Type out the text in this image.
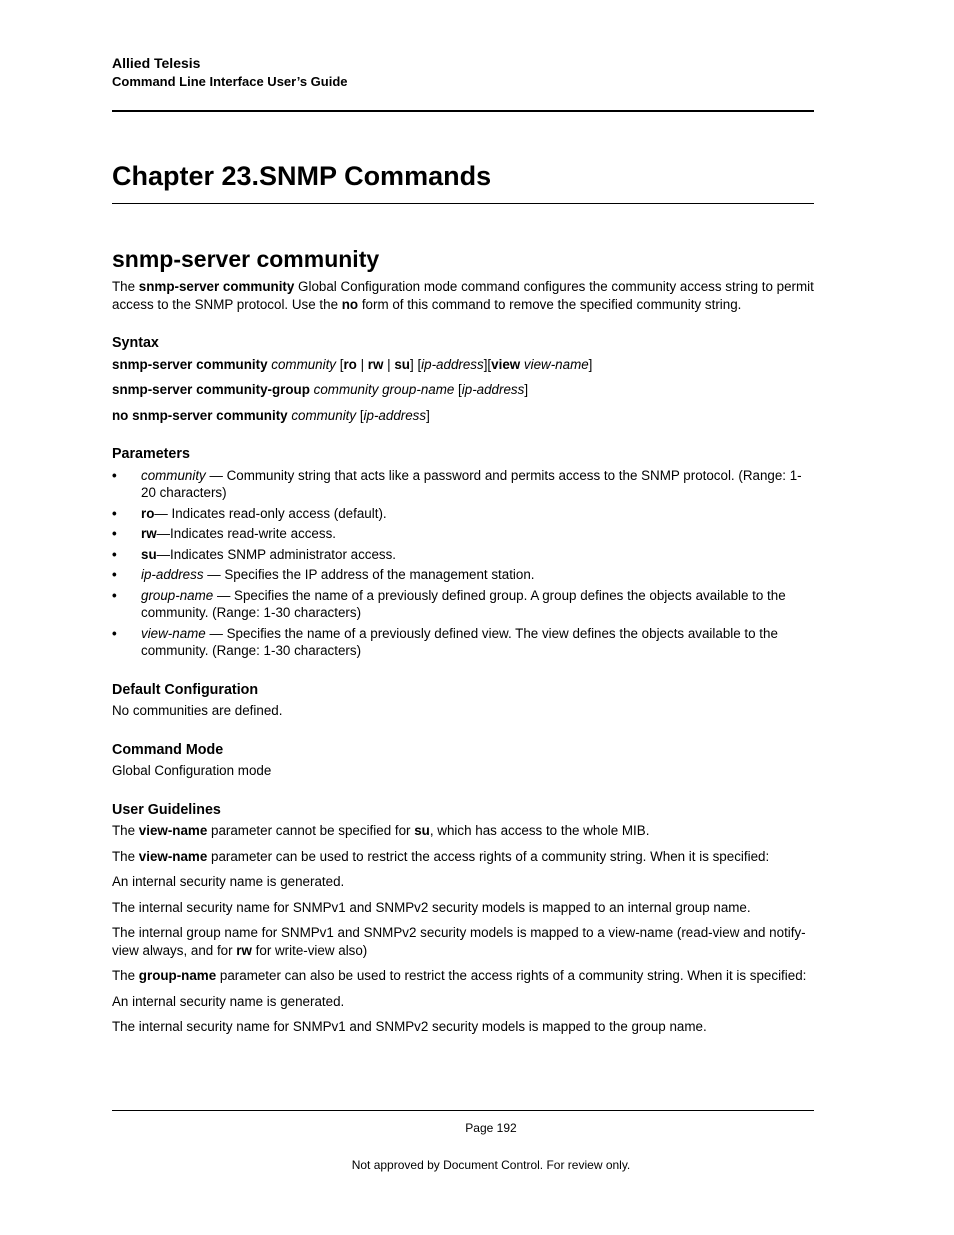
Allied Telesis
Command Line Interface User’s Guide
Chapter 23.SNMP Commands
snmp-server community

The snmp-server community Global Configuration mode command configures the community access string to permit access to the SNMP protocol. Use the no form of this command to remove the specified community string.

Syntax
snmp-server community community [ro | rw | su] [ip-address][view view-name]
snmp-server community-group community group-name [ip-address]
no snmp-server community community [ip-address]
Parameters
• community — Community string that acts like a password and permits access to the SNMP protocol. (Range: 1-20 characters)
• ro— Indicates read-only access (default).
• rw—Indicates read-write access.
• su—Indicates SNMP administrator access.
• ip-address — Specifies the IP address of the management station.
• group-name — Specifies the name of a previously defined group. A group defines the objects available to the community. (Range: 1-30 characters)
• view-name — Specifies the name of a previously defined view. The view defines the objects available to the community. (Range: 1-30 characters)
Default Configuration

No communities are defined.

Command Mode

Global Configuration mode

User Guidelines

The view-name parameter cannot be specified for su, which has access to the whole MIB.

The view-name parameter can be used to restrict the access rights of a community string. When it is specified:

An internal security name is generated.

The internal security name for SNMPv1 and SNMPv2 security models is mapped to an internal group name.

The internal group name for SNMPv1 and SNMPv2 security models is mapped to a view-name (read-view and notify-view always, and for rw for write-view also)

The group-name parameter can also be used to restrict the access rights of a community string. When it is specified:

An internal security name is generated.

The internal security name for SNMPv1 and SNMPv2 security models is mapped to the group name.

Page 192
Not approved by Document Control. For review only.
